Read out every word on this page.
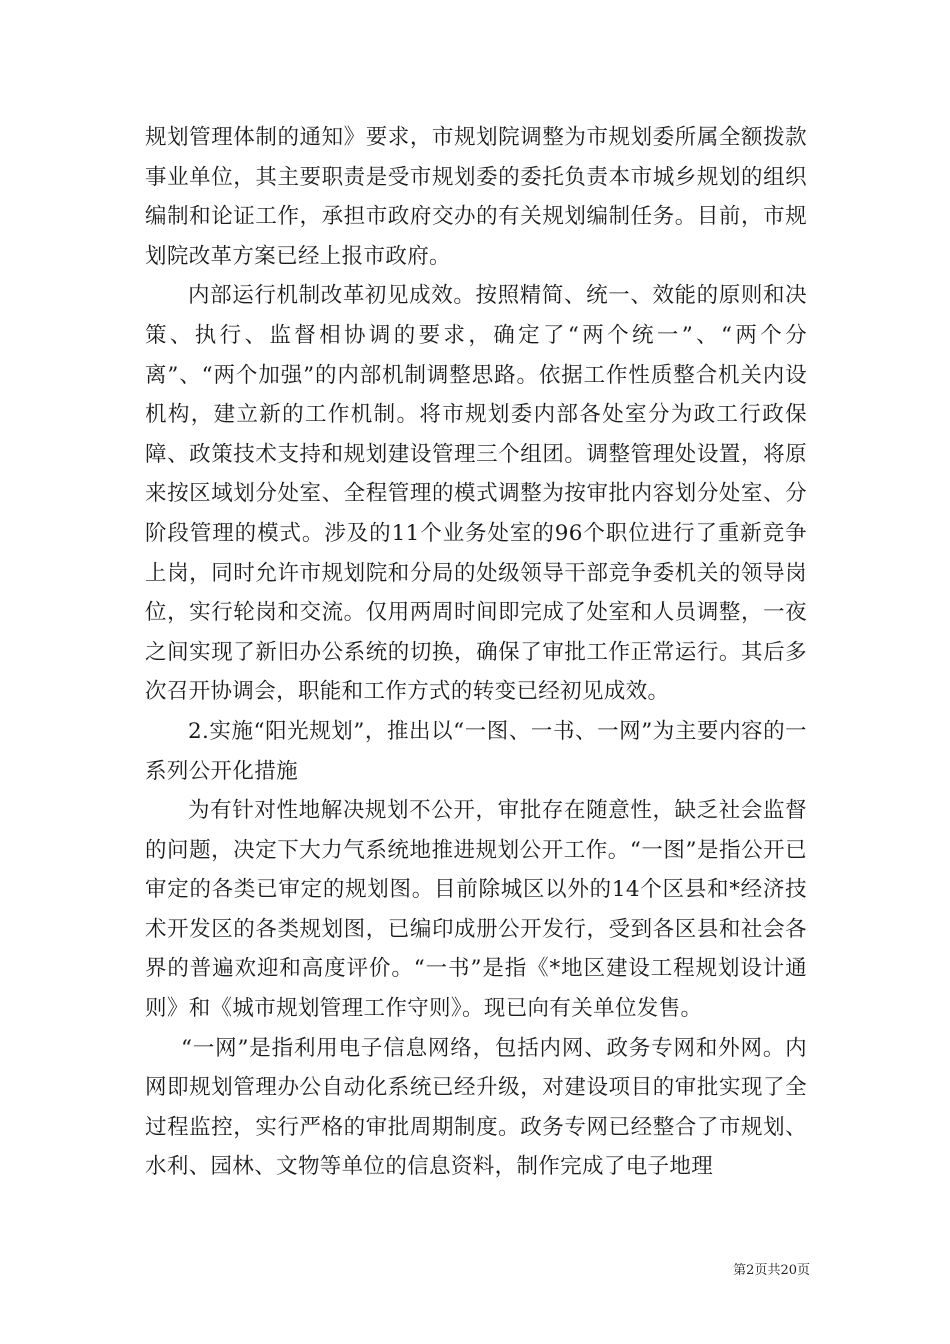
规划管理体制的通知》要求，市规划院调整为市规划委所属全额拨款事业单位，其主要职责是受市规划委的委托负责本市城乡规划的组织编制和论证工作，承担市政府交办的有关规划编制任务。目前，市规划院改革方案已经上报市政府。

内部运行机制改革初见成效。按照精简、统一、效能的原则和决策、执行、监督相协调的要求，确定了“两个统一”、“两个分离”、“两个加强”的内部机制调整思路。依据工作性质整合机关内设机构，建立新的工作机制。将市规划委内部各处室分为政工行政保障、政策技术支持和规划建设管理三个组团。调整管理处设置，将原来按区域划分处室、全程管理的模式调整为按审批内容划分处室、分阶段管理的模式。涉及的11个业务处室的96个职位进行了重新竞争上岗，同时允许市规划院和分局的处级领导干部竞争委机关的领导岗位，实行轮岗和交流。仅用两周时间即完成了处室和人员调整，一夜之间实现了新旧办公系统的切换，确保了审批工作正常运行。其后多次召开协调会，职能和工作方式的转变已经初见成效。

2.实施“阳光规划”，推出以“一图、一书、一网”为主要内容的一系列公开化措施

为有针对性地解决规划不公开，审批存在随意性，缺乏社会监督的问题，决定下大力气系统地推进规划公开工作。“一图”是指公开已审定的各类已审定的规划图。目前除城区以外的14个区县和*经济技术开发区的各类规划图，已编印成册公开发行，受到各区县和社会各界的普遍欢迎和高度评价。“一书”是指《*地区建设工程规划设计通则》和《城市规划管理工作守则》。现已向有关单位发售。

“一网”是指利用电子信息网络，包括内网、政务专网和外网。内网即规划管理办公自动化系统已经升级，对建设项目的审批实现了全过程监控，实行严格的审批周期制度。政务专网已经整合了市规划、水利、园林、文物等单位的信息资料，制作完成了电子地理

第2页共20页
